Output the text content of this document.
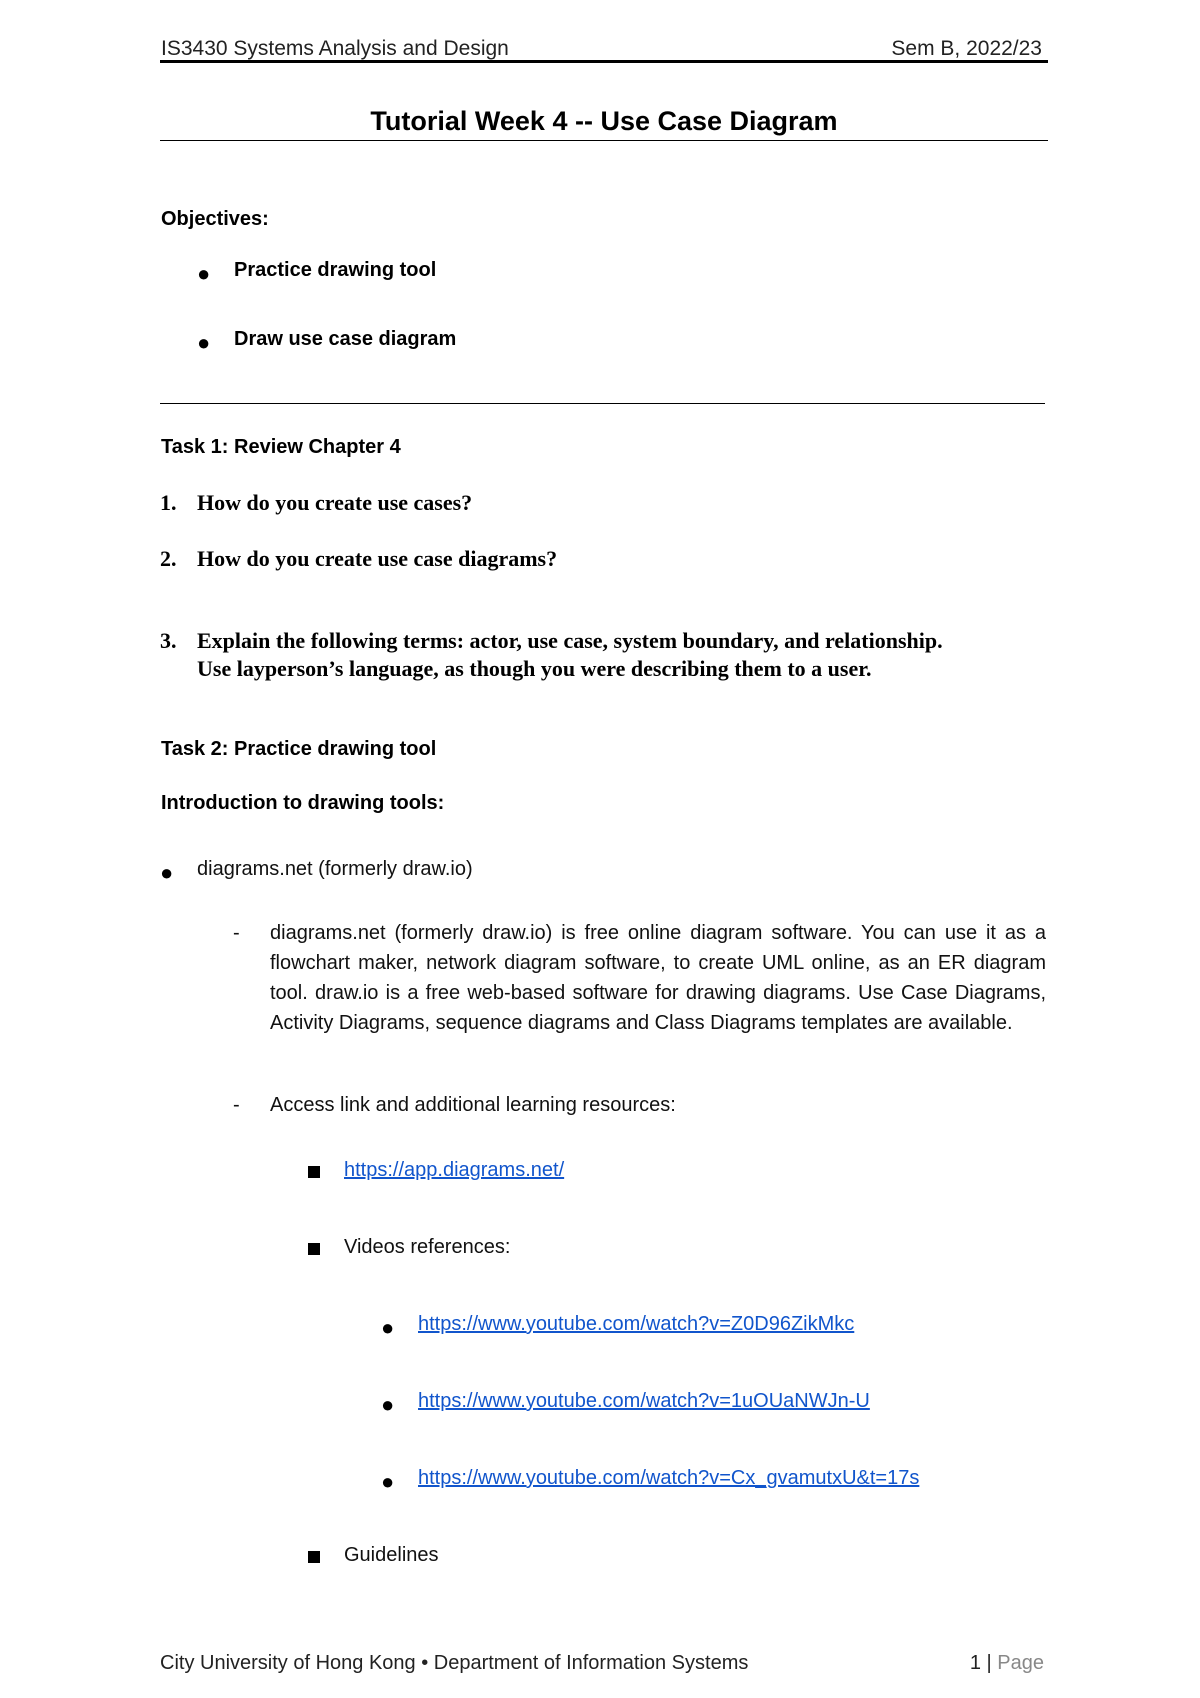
IS3430 Systems Analysis and Design	Sem B, 2022/23
Tutorial Week 4 -- Use Case Diagram
Objectives:
● Practice drawing tool
● Draw use case diagram
Task 1: Review Chapter 4
1. How do you create use cases?
2. How do you create use case diagrams?
3. Explain the following terms: actor, use case, system boundary, and relationship.
Use layperson’s language, as though you were describing them to a user.
Task 2: Practice drawing tool
Introduction to drawing tools:
● diagrams.net (formerly draw.io)
- diagrams.net (formerly draw.io) is free online diagram software. You can use it as a flowchart maker, network diagram software, to create UML online, as an ER diagram tool. draw.io is a free web-based software for drawing diagrams. Use Case Diagrams, Activity Diagrams, sequence diagrams and Class Diagrams templates are available.
- Access link and additional learning resources:
https://app.diagrams.net/
Videos references:
● https://www.youtube.com/watch?v=Z0D96ZikMkc
● https://www.youtube.com/watch?v=1uOUaNWJn-U
● https://www.youtube.com/watch?v=Cx_gvamutxU&t=17s
Guidelines
City University of Hong Kong • Department of Information Systems	1 | Page
